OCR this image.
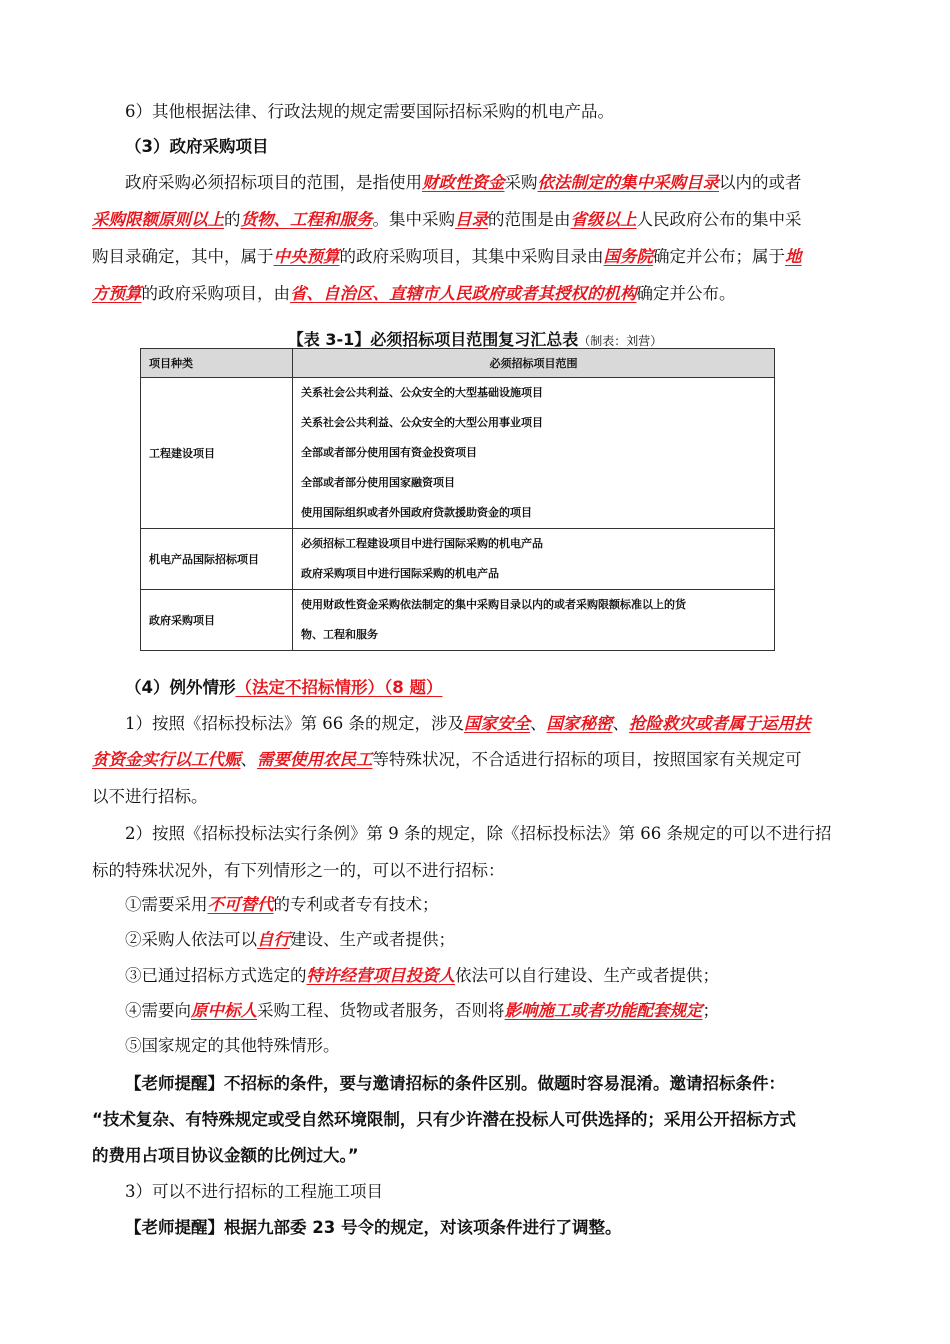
6）其他根据法律、行政法规的规定需要国际招标采购的机电产品。
（3）政府采购项目
政府采购必须招标项目的范围，是指使用财政性资金采购依法制定的集中采购目录以内的或者
采购限额原则以上的货物、工程和服务。集中采购目录的范围是由省级以上人民政府公布的集中采
购目录确定，其中，属于中央预算的政府采购项目，其集中采购目录由国务院确定并公布；属于地
方预算的政府采购项目，由省、自治区、直辖市人民政府或者其授权的机构确定并公布。
【表 3-1】必须招标项目范围复习汇总表（制表：刘营）
项目种类	必须招标项目范围
工程建设项目	关系社会公共利益、公众安全的大型基础设施项目
关系社会公共利益、公众安全的大型公用事业项目
全部或者部分使用国有资金投资项目
全部或者部分使用国家融资项目
使用国际组织或者外国政府贷款援助资金的项目

机电产品国际招标项目	必须招标工程建设项目中进行国际采购的机电产品
政府采购项目中进行国际采购的机电产品

政府采购项目	使用财政性资金采购依法制定的集中采购目录以内的或者采购限额标准以上的货
物、工程和服务
（4）例外情形（法定不招标情形）（8 题）
1）按照《招标投标法》第 66 条的规定，涉及国家安全、国家秘密、抢险救灾或者属于运用扶
贫资金实行以工代赈、需要使用农民工等特殊状况，不合适进行招标的项目，按照国家有关规定可
以不进行招标。
2）按照《招标投标法实行条例》第 9 条的规定，除《招标投标法》第 66 条规定的可以不进行招
标的特殊状况外，有下列情形之一的，可以不进行招标：
①需要采用不可替代的专利或者专有技术；
②采购人依法可以自行建设、生产或者提供；
③已通过招标方式选定的特许经营项目投资人依法可以自行建设、生产或者提供；
④需要向原中标人采购工程、货物或者服务，否则将影响施工或者功能配套规定；
⑤国家规定的其他特殊情形。
【老师提醒】不招标的条件，要与邀请招标的条件区别。做题时容易混淆。邀请招标条件：
“技术复杂、有特殊规定或受自然环境限制，只有少许潜在投标人可供选择的；采用公开招标方式
的费用占项目协议金额的比例过大。”
3）可以不进行招标的工程施工项目
【老师提醒】根据九部委 23 号令的规定，对该项条件进行了调整。
